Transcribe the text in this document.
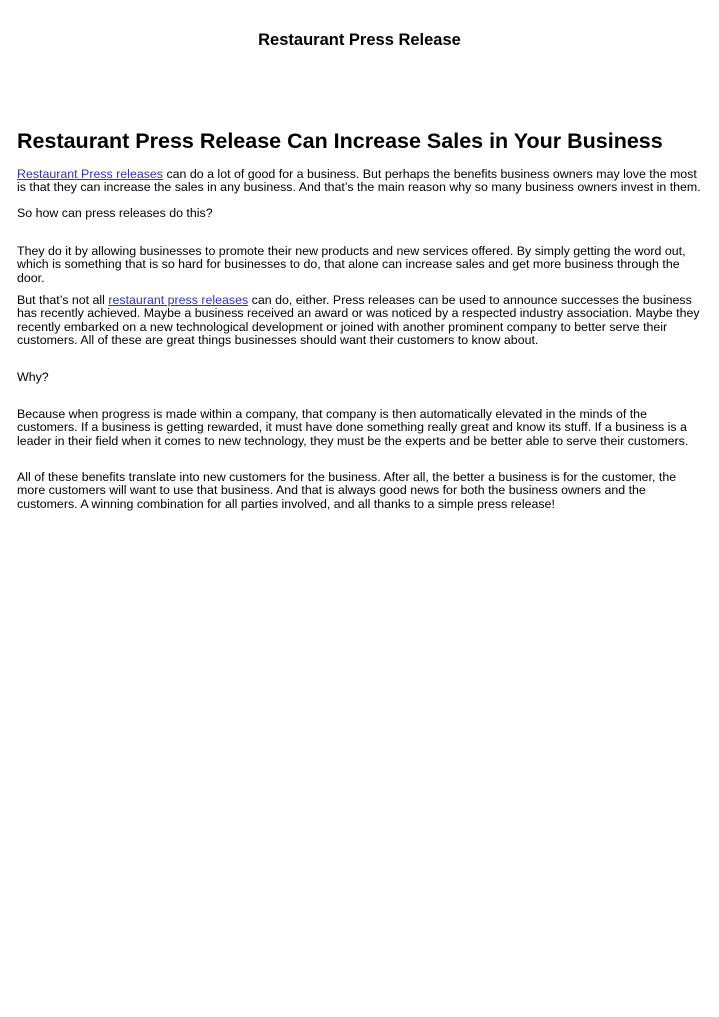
Restaurant Press Release
Restaurant Press Release Can Increase Sales in Your Business

Restaurant Press releases can do a lot of good for a business. But perhaps the benefits business owners may love the most is that they can increase the sales in any business. And that’s the main reason why so many business owners invest in them.

So how can press releases do this?

They do it by allowing businesses to promote their new products and new services offered. By simply getting the word out, which is something that is so hard for businesses to do, that alone can increase sales and get more business through the door.

But that’s not all restaurant press releases can do, either. Press releases can be used to announce successes the business has recently achieved. Maybe a business received an award or was noticed by a respected industry association. Maybe they recently embarked on a new technological development or joined with another prominent company to better serve their customers. All of these are great things businesses should want their customers to know about.

Why?

Because when progress is made within a company, that company is then automatically elevated in the minds of the customers. If a business is getting rewarded, it must have done something really great and know its stuff. If a business is a leader in their field when it comes to new technology, they must be the experts and be better able to serve their customers.

All of these benefits translate into new customers for the business. After all, the better a business is for the customer, the more customers will want to use that business. And that is always good news for both the business owners and the customers. A winning combination for all parties involved, and all thanks to a simple press release!
